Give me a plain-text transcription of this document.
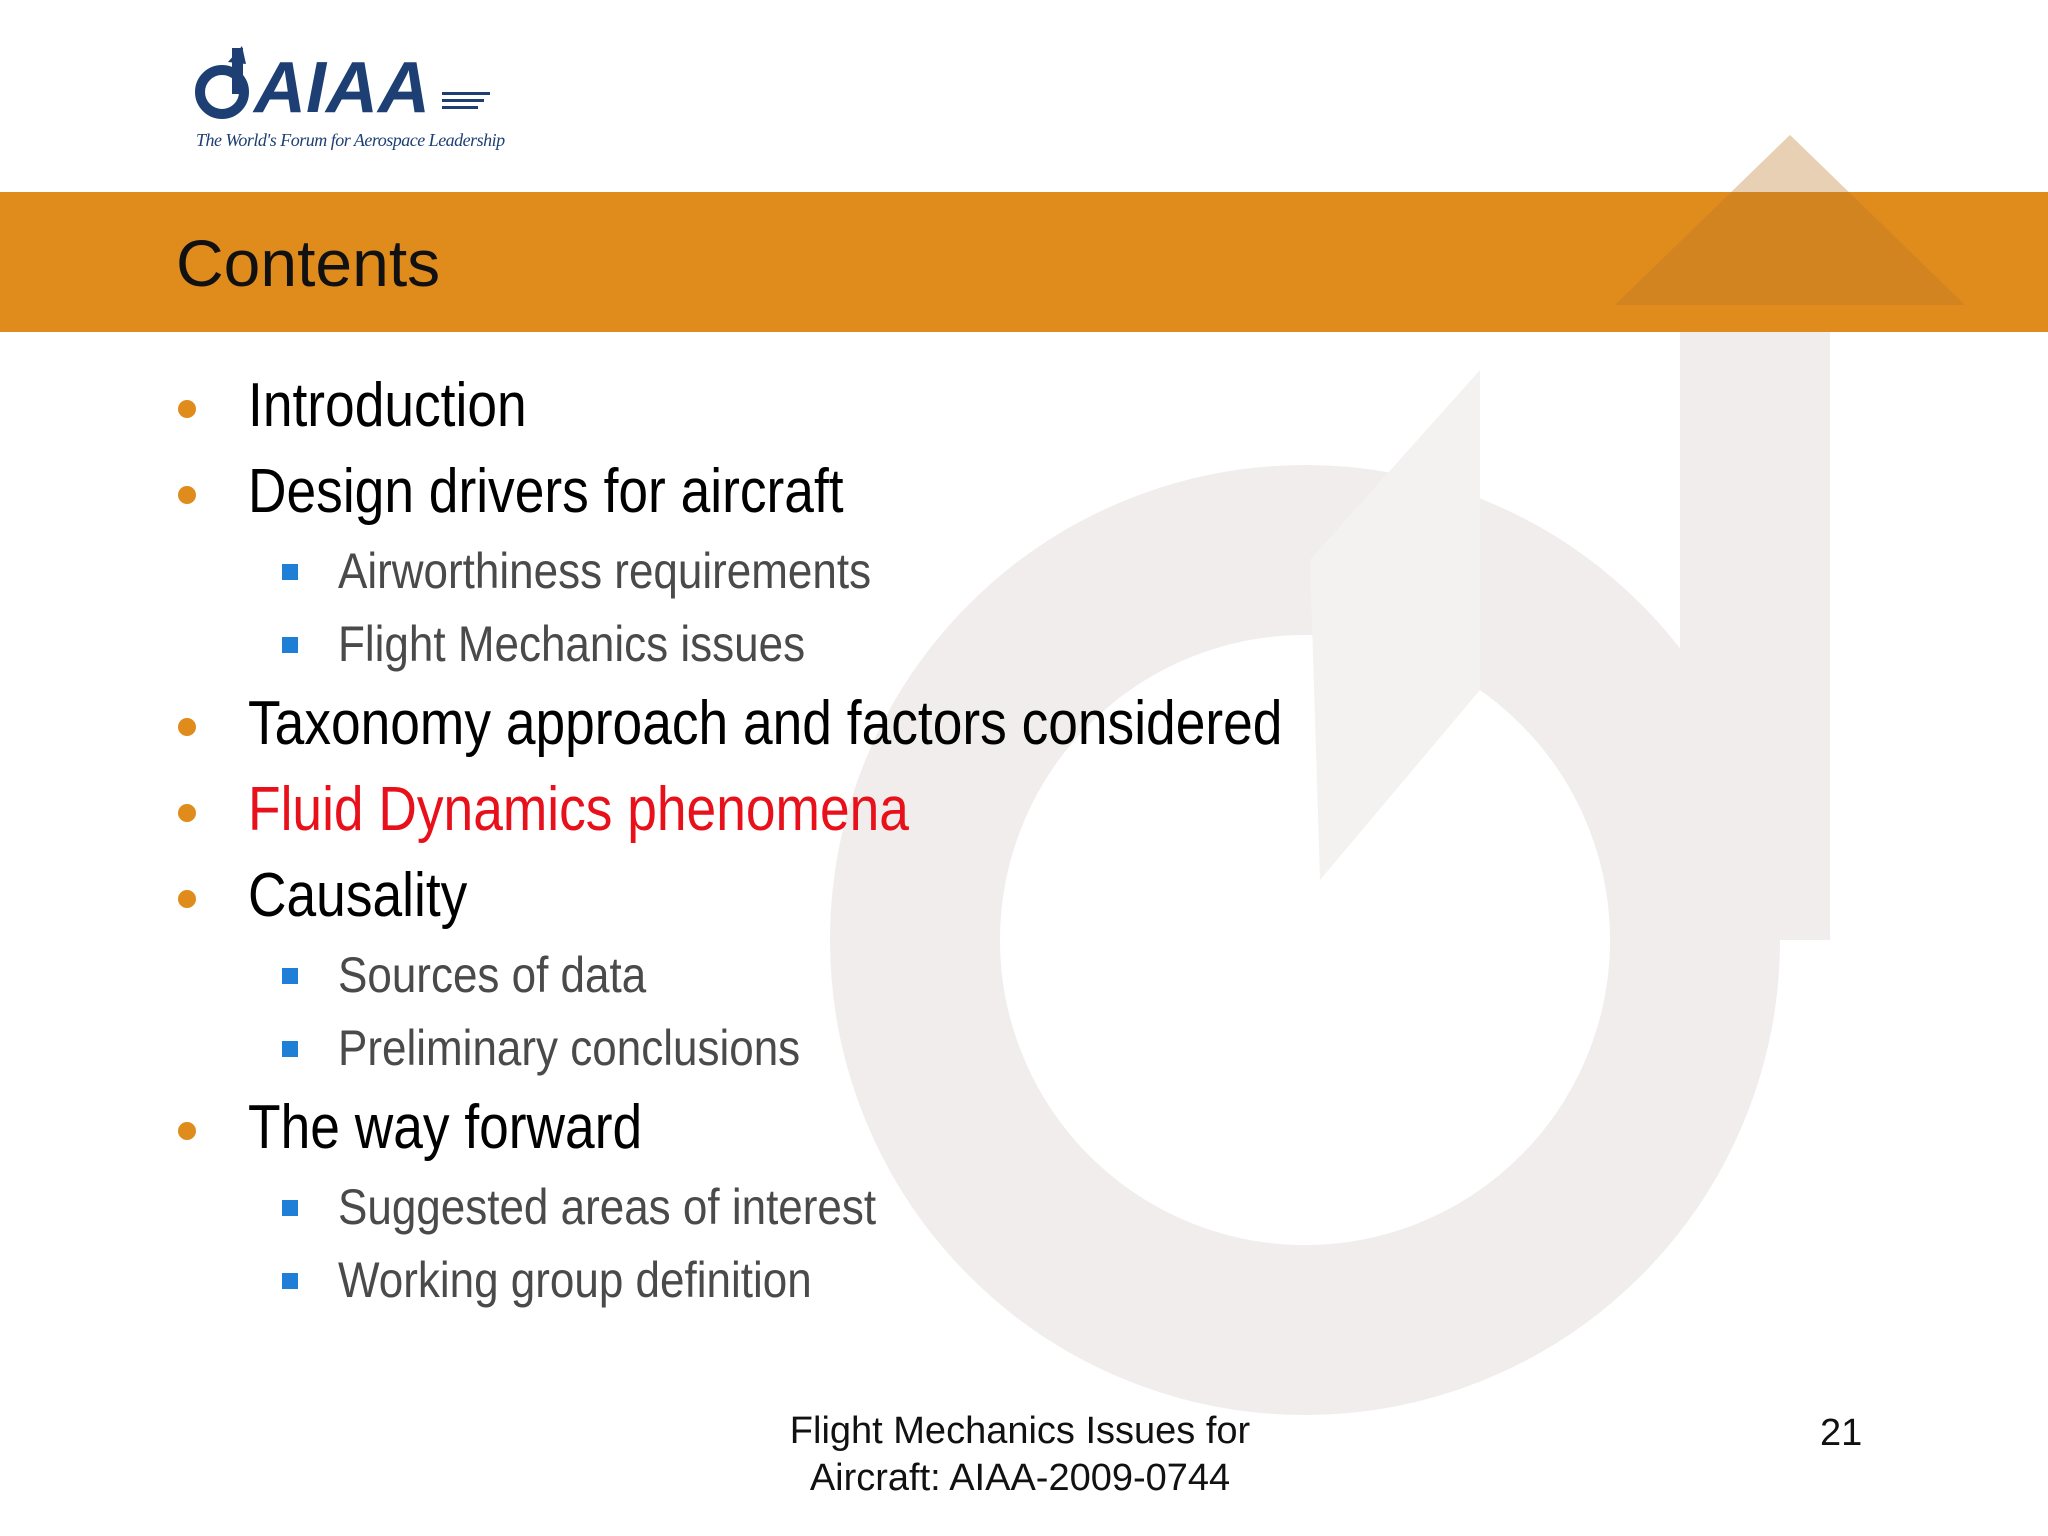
AIAA
The World's Forum for Aerospace Leadership
Contents
Introduction
Design drivers for aircraft
Airworthiness requirements
Flight Mechanics issues
Taxonomy approach and factors considered
Fluid Dynamics phenomena
Causality
Sources of data
Preliminary conclusions
The way forward
Suggested areas of interest
Working group definition
Flight Mechanics Issues for
Aircraft: AIAA-2009-0744
21
